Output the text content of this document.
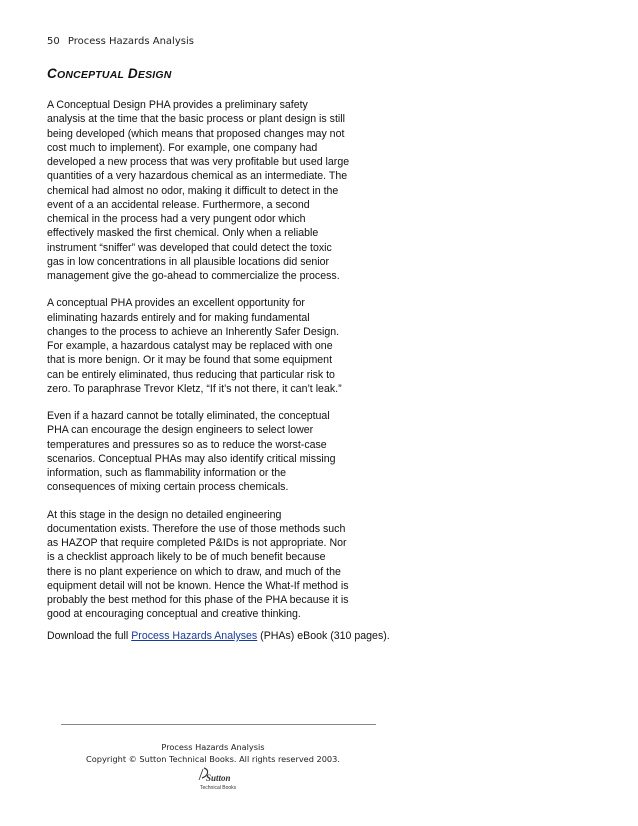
50 Process Hazards Analysis
CONCEPTUAL DESIGN

A Conceptual Design PHA provides a preliminary safety
analysis at the time that the basic process or plant design is still
being developed (which means that proposed changes may not
cost much to implement). For example, one company had
developed a new process that was very profitable but used large
quantities of a very hazardous chemical as an intermediate. The
chemical had almost no odor, making it difficult to detect in the
event of a an accidental release. Furthermore, a second
chemical in the process had a very pungent odor which
effectively masked the first chemical. Only when a reliable
instrument “sniffer” was developed that could detect the toxic
gas in low concentrations in all plausible locations did senior
management give the go-ahead to commercialize the process.

A conceptual PHA provides an excellent opportunity for
eliminating hazards entirely and for making fundamental
changes to the process to achieve an Inherently Safer Design.
For example, a hazardous catalyst may be replaced with one
that is more benign. Or it may be found that some equipment
can be entirely eliminated, thus reducing that particular risk to
zero. To paraphrase Trevor Kletz, “If it’s not there, it can’t leak.”

Even if a hazard cannot be totally eliminated, the conceptual
PHA can encourage the design engineers to select lower
temperatures and pressures so as to reduce the worst-case
scenarios. Conceptual PHAs may also identify critical missing
information, such as flammability information or the
consequences of mixing certain process chemicals.

At this stage in the design no detailed engineering
documentation exists. Therefore the use of those methods such
as HAZOP that require completed P&IDs is not appropriate. Nor
is a checklist approach likely to be of much benefit because
there is no plant experience on which to draw, and much of the
equipment detail will not be known. Hence the What-If method is
probably the best method for this phase of the PHA because it is
good at encouraging conceptual and creative thinking.

Download the full Process Hazards Analyses (PHAs) eBook (310 pages).
Process Hazards Analysis
Copyright © Sutton Technical Books. All rights reserved 2003.
Sutton
Technical Books
